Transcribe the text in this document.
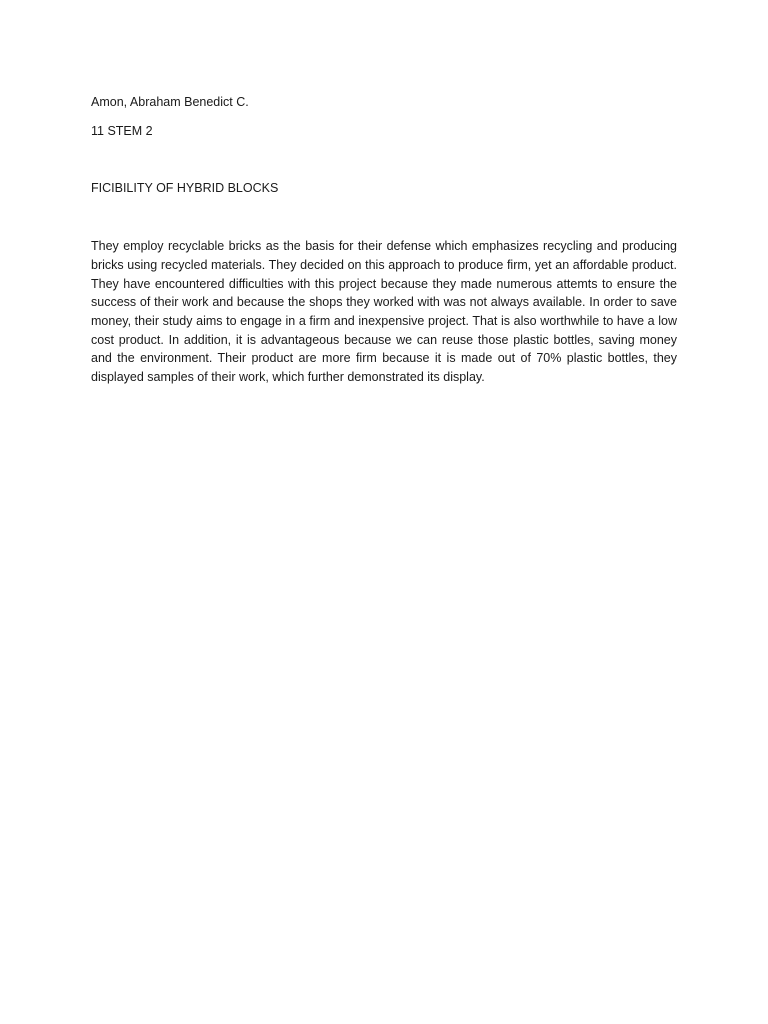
Amon, Abraham Benedict C.

11 STEM 2

FICIBILITY OF HYBRID BLOCKS

They employ recyclable bricks as the basis for their defense which emphasizes recycling and producing bricks using recycled materials. They decided on this approach to produce firm, yet an affordable product. They have encountered difficulties with this project because they made numerous attemts to ensure the success of their work and because the shops they worked with was not always available. In order to save money, their study aims to engage in a firm and inexpensive project. That is also worthwhile to have a low cost product. In addition, it is advantageous because we can reuse those plastic bottles, saving money and the environment. Their product are more firm because it is made out of 70% plastic bottles, they displayed samples of their work, which further demonstrated its display.
